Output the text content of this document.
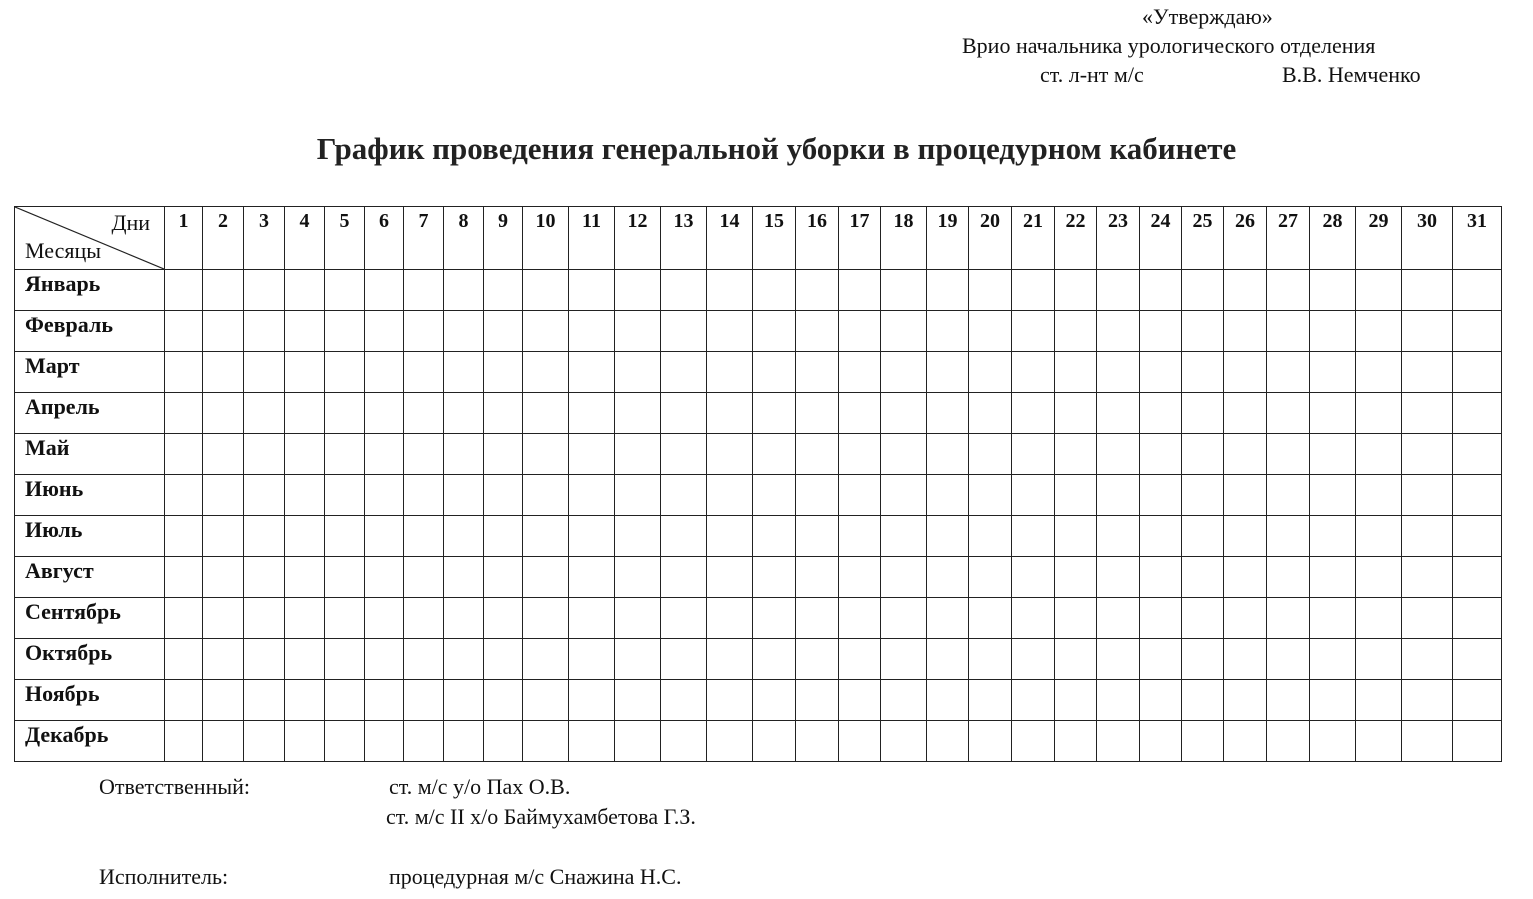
«Утверждаю»
Врио начальника урологического отделения
ст. л-нт м/с	В.В. Немченко
График проведения генеральной уборки в процедурном кабинете
Дни
Месяцы	1	2	3	4	5	6	7	8	9	10	11	12	13	14	15	16	17	18	19	20	21	22	23	24	25	26	27	28	29	30	31
Январь																															
Февраль																															
Март																															
Апрель																															
Май																															
Июнь																															
Июль																															
Август																															
Сентябрь																															
Октябрь																															
Ноябрь																															
Декабрь																															
Ответственный:	ст. м/с у/о Пах О.В.
ст. м/с II х/о Баймухамбетова Г.З.
Исполнитель:	процедурная м/с Снажина Н.С.
